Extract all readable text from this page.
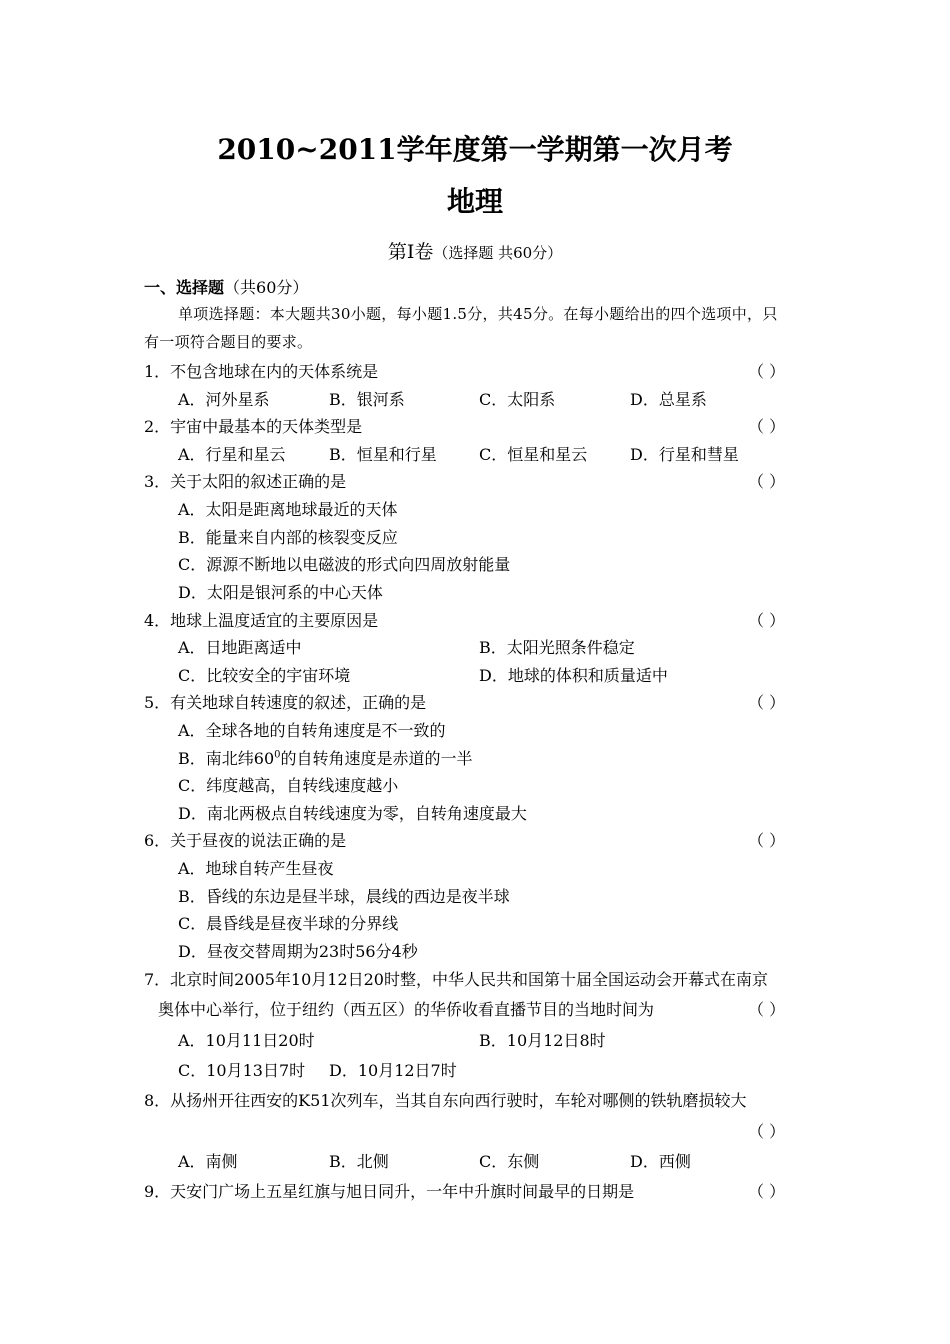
2010~2011学年度第一学期第一次月考
地理
第Ⅰ卷（选择题 共60分）
一、选择题（共60分）
单项选择题：本大题共30小题，每小题1.5分，共45分。在每小题给出的四个选项中，只
有一项符合题目的要求。
1．不包含地球在内的天体系统是	（ ）
A．河外星系	B．银河系	C．太阳系	D．总星系
2．宇宙中最基本的天体类型是	（ ）
A．行星和星云	B．恒星和行星	C．恒星和星云	D．行星和彗星
3．关于太阳的叙述正确的是	（ ）
A．太阳是距离地球最近的天体
B．能量来自内部的核裂变反应
C．源源不断地以电磁波的形式向四周放射能量
D．太阳是银河系的中心天体
4．地球上温度适宜的主要原因是	（ ）
A．日地距离适中	B．太阳光照条件稳定
C．比较安全的宇宙环境	D．地球的体积和质量适中
5．有关地球自转速度的叙述，正确的是	（ ）
A．全球各地的自转角速度是不一致的
B．南北纬$60^0$的自转角速度是赤道的一半
C．纬度越高，自转线速度越小
D．南北两极点自转线速度为零，自转角速度最大
6．关于昼夜的说法正确的是	（ ）
A．地球自转产生昼夜
B．昏线的东边是昼半球，晨线的西边是夜半球
C．晨昏线是昼夜半球的分界线
D．昼夜交替周期为23时56分4秒
7．北京时间2005年10月12日20时整，中华人民共和国第十届全国运动会开幕式在南京
奥体中心举行，位于纽约（西五区）的华侨收看直播节目的当地时间为	（ ）
A．10月11日20时	B．10月12日8时
C．10月13日7时 D．10月12日7时
8．从扬州开往西安的K51次列车，当其自东向西行驶时，车轮对哪侧的铁轨磨损较大
（ ）
A．南侧	B．北侧	C．东侧	D．西侧
9．天安门广场上五星红旗与旭日同升，一年中升旗时间最早的日期是	（ ）
